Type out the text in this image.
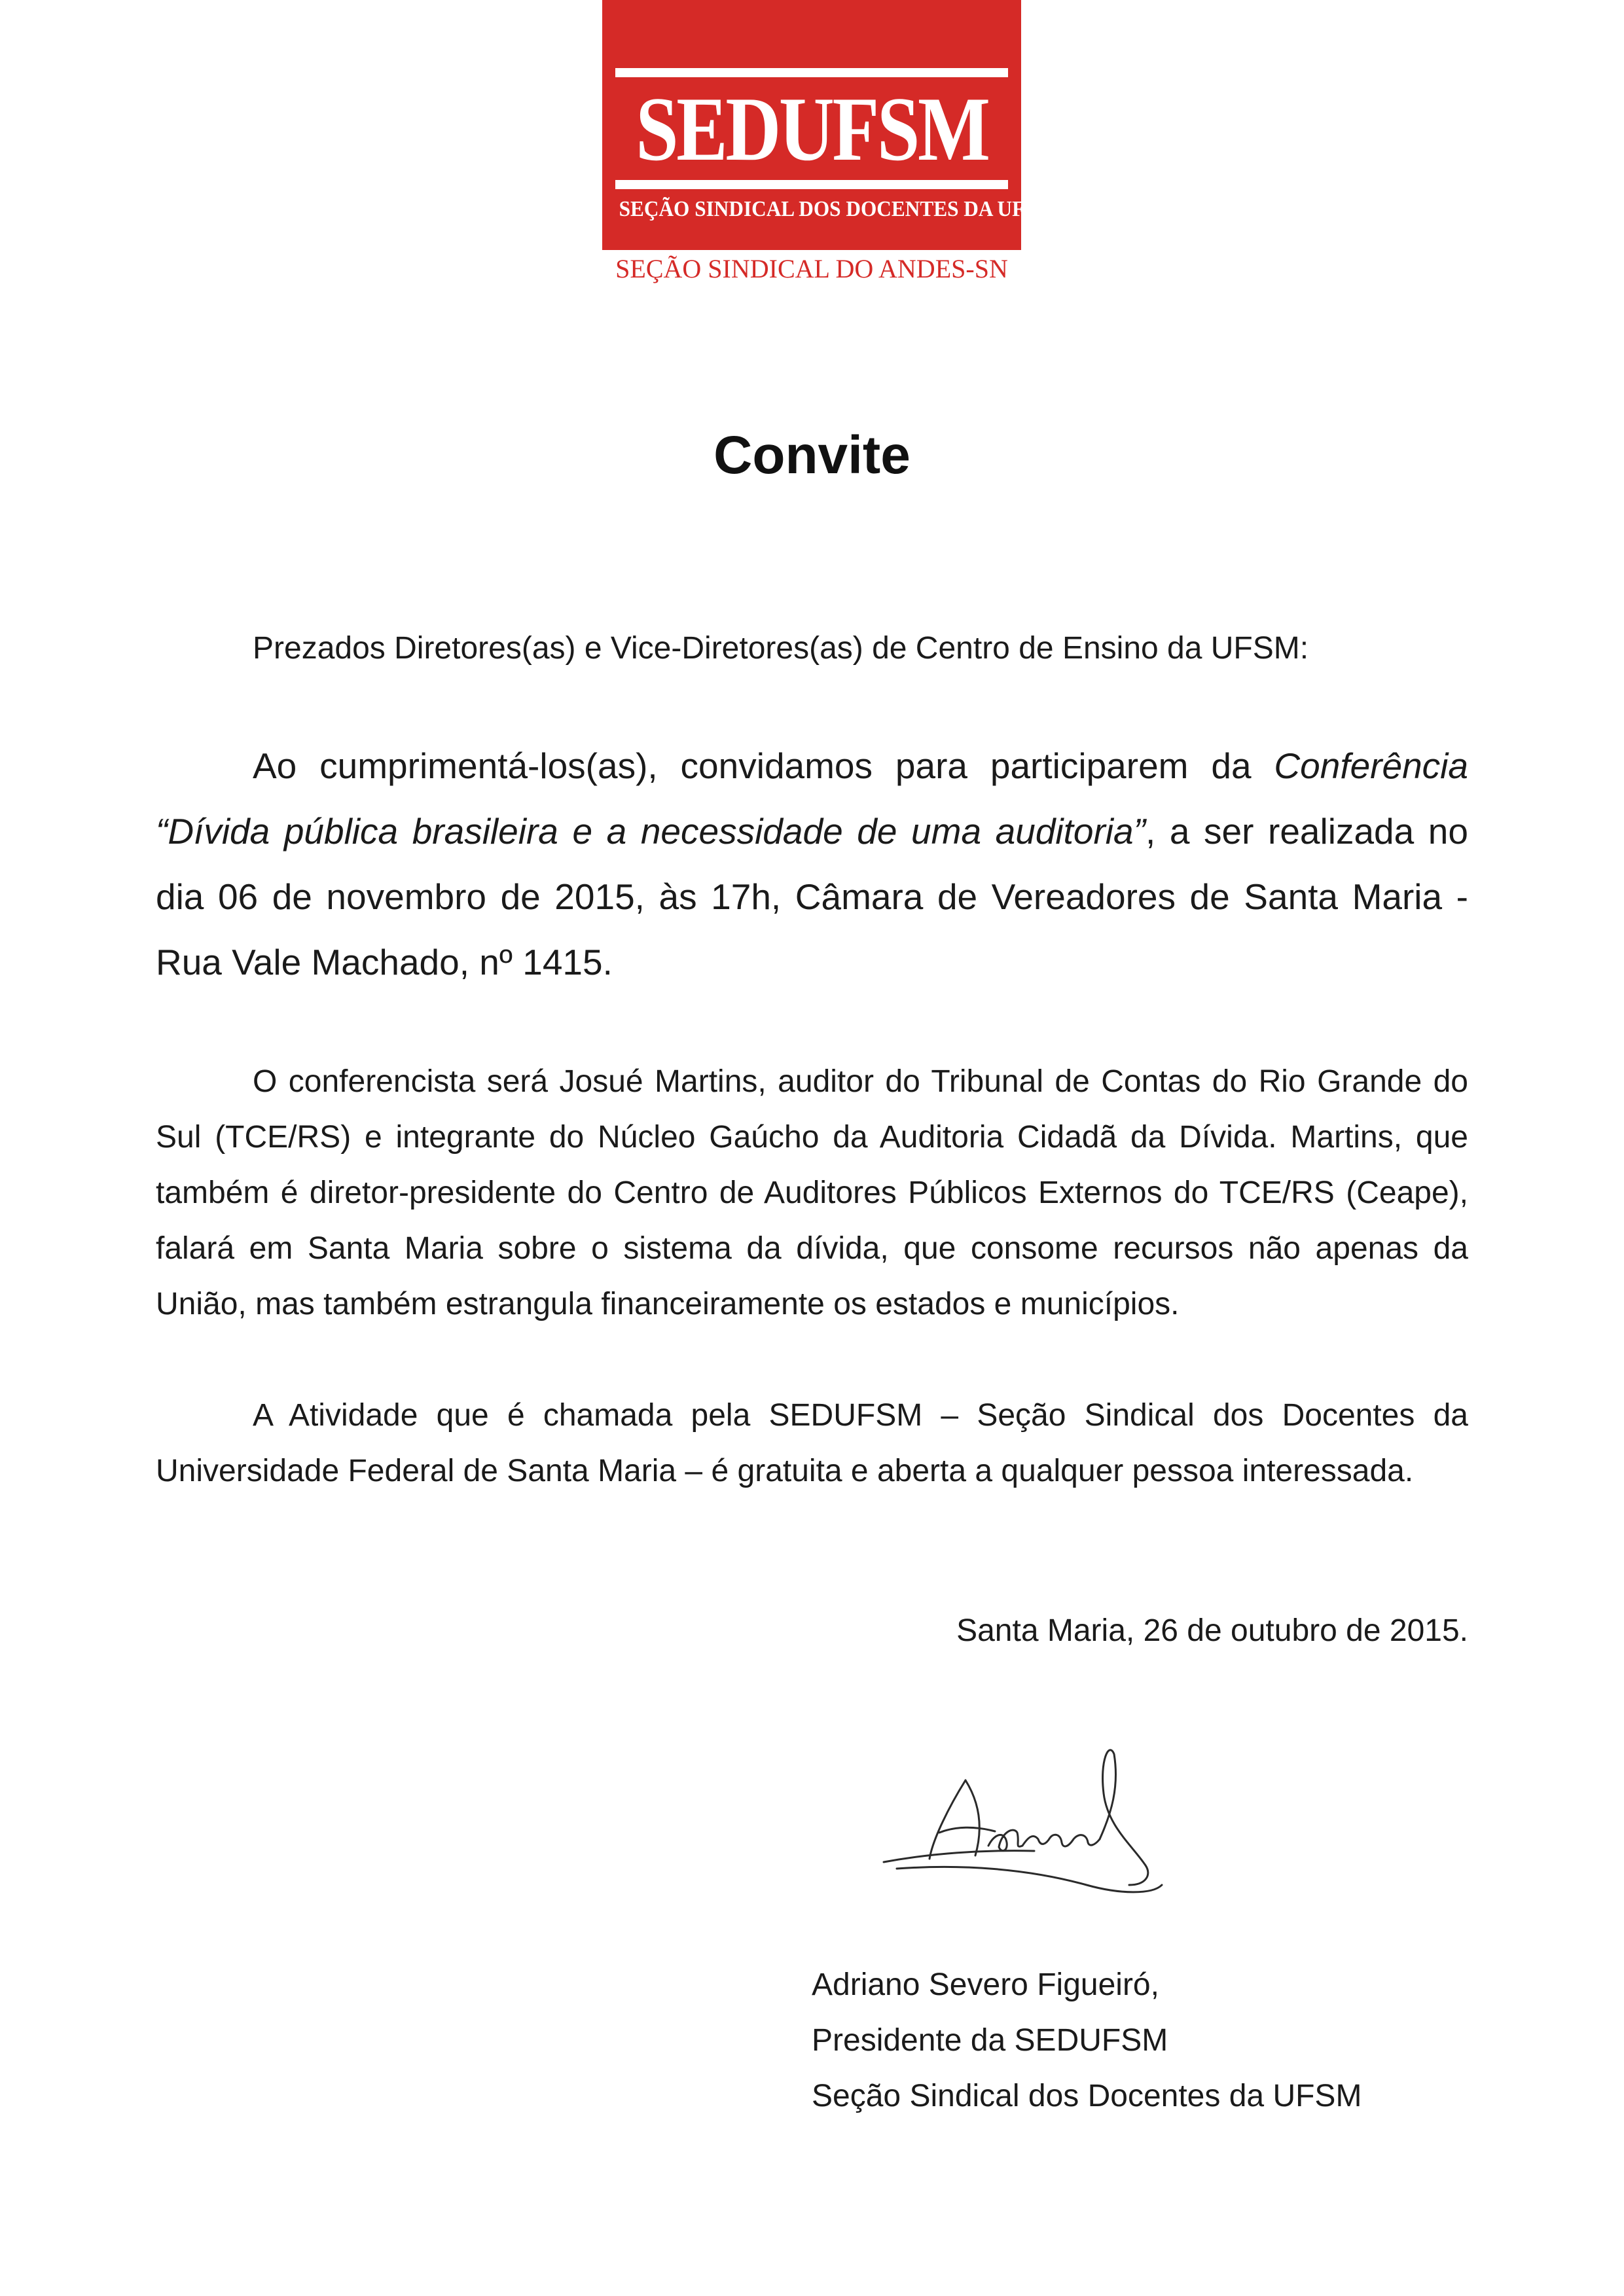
SEDUFSM
SEÇÃO SINDICAL DOS DOCENTES DA UFSM
SEÇÃO SINDICAL DO ANDES-SN
Convite

Prezados Diretores(as) e Vice-Diretores(as) de Centro de Ensino da UFSM:

Ao cumprimentá-los(as), convidamos para participarem da Conferência “Dívida pública brasileira e a necessidade de uma auditoria”, a ser realizada no dia 06 de novembro de 2015, às 17h, Câmara de Vereadores de Santa Maria - Rua Vale Machado, nº 1415.

O conferencista será Josué Martins, auditor do Tribunal de Contas do Rio Grande do Sul (TCE/RS) e integrante do Núcleo Gaúcho da Auditoria Cidadã da Dívida. Martins, que também é diretor-presidente do Centro de Auditores Públicos Externos do TCE/RS (Ceape), falará em Santa Maria sobre o sistema da dívida, que consome recursos não apenas da União, mas também estrangula financeiramente os estados e municípios.

A Atividade que é chamada pela SEDUFSM – Seção Sindical dos Docentes da Universidade Federal de Santa Maria – é gratuita e aberta a qualquer pessoa interessada.

Santa Maria, 26 de outubro de 2015.
Adriano Severo Figueiró,
Presidente da SEDUFSM
Seção Sindical dos Docentes da UFSM
